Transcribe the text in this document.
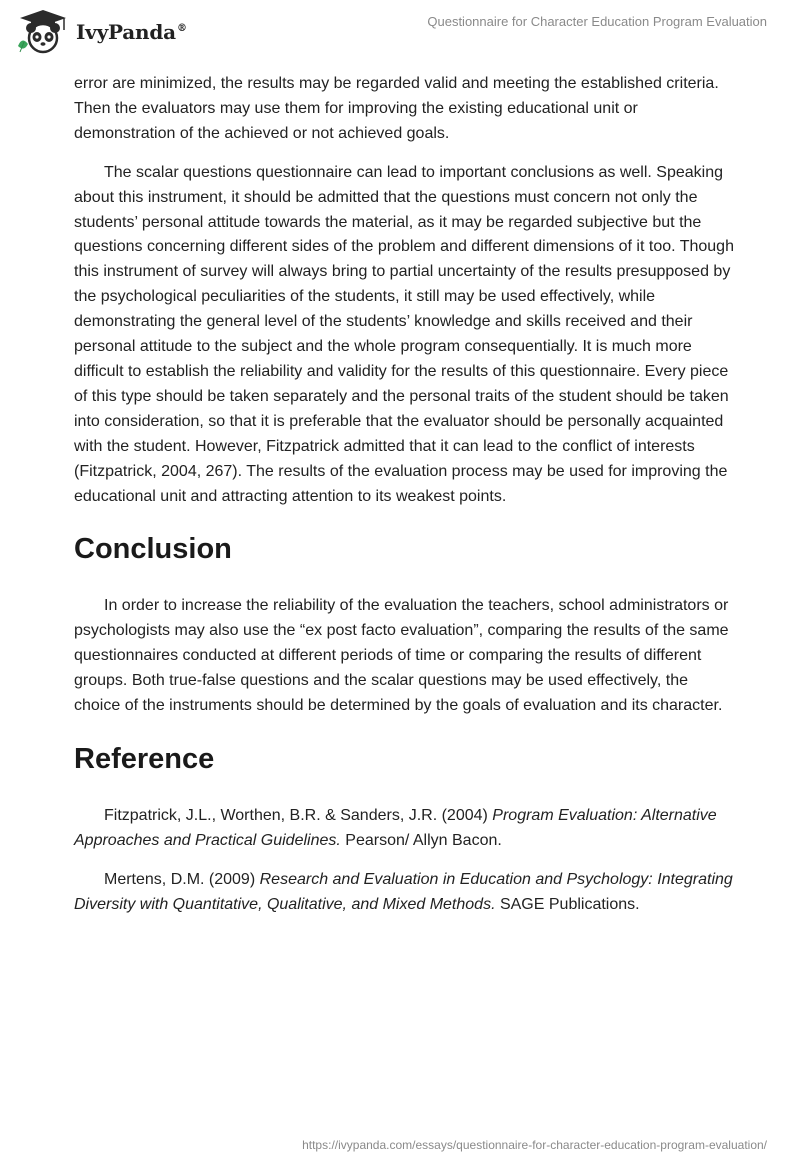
IvyPanda®	Questionnaire for Character Education Program Evaluation

error are minimized, the results may be regarded valid and meeting the established criteria. Then the evaluators may use them for improving the existing educational unit or demonstration of the achieved or not achieved goals.

The scalar questions questionnaire can lead to important conclusions as well. Speaking about this instrument, it should be admitted that the questions must concern not only the students’ personal attitude towards the material, as it may be regarded subjective but the questions concerning different sides of the problem and different dimensions of it too. Though this instrument of survey will always bring to partial uncertainty of the results presupposed by the psychological peculiarities of the students, it still may be used effectively, while demonstrating the general level of the students’ knowledge and skills received and their personal attitude to the subject and the whole program consequentially. It is much more difficult to establish the reliability and validity for the results of this questionnaire. Every piece of this type should be taken separately and the personal traits of the student should be taken into consideration, so that it is preferable that the evaluator should be personally acquainted with the student. However, Fitzpatrick admitted that it can lead to the conflict of interests (Fitzpatrick, 2004, 267). The results of the evaluation process may be used for improving the educational unit and attracting attention to its weakest points.

Conclusion

In order to increase the reliability of the evaluation the teachers, school administrators or psychologists may also use the “ex post facto evaluation”, comparing the results of the same questionnaires conducted at different periods of time or comparing the results of different groups. Both true-false questions and the scalar questions may be used effectively, the choice of the instruments should be determined by the goals of evaluation and its character.

Reference

Fitzpatrick, J.L., Worthen, B.R. & Sanders, J.R. (2004) Program Evaluation: Alternative Approaches and Practical Guidelines. Pearson/ Allyn Bacon.

Mertens, D.M. (2009) Research and Evaluation in Education and Psychology: Integrating Diversity with Quantitative, Qualitative, and Mixed Methods. SAGE Publications.

https://ivypanda.com/essays/questionnaire-for-character-education-program-evaluation/
